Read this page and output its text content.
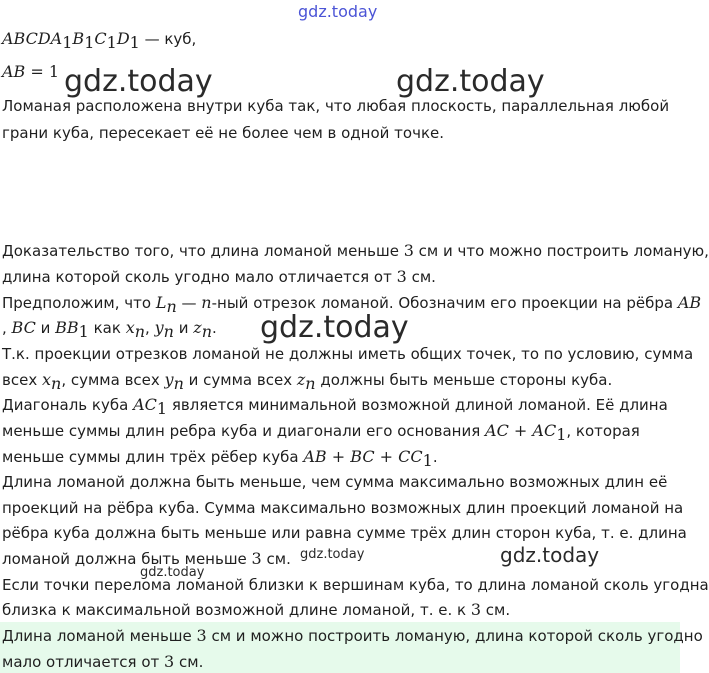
$ABCDA_1B_1C_1D_1$ — куб,
AB = 1
Ломаная расположена внутри куба так, что любая плоскость, параллельная любой
грани куба, пересекает её не более чем в одной точке.
Доказательство того, что длина ломаной меньше 3 см и что можно построить ломаную,
длина которой сколь угодно мало отличается от 3 см.
Предположим, что $L_n$ — n-ный отрезок ломаной. Обозначим его проекции на рёбра AB
, BC и $BB_1$ как $x_n$, $y_n$ и $z_n$.
Т.к. проекции отрезков ломаной не должны иметь общих точек, то по условию, сумма
всех $x_n$, сумма всех $y_n$ и сумма всех $z_n$ должны быть меньше стороны куба.
Диагональ куба $AC_1$ является минимальной возможной длиной ломаной. Её длина
меньше суммы длин ребра куба и диагонали его основания AC + $AC_1$, которая
меньше суммы длин трёх рёбер куба AB + BC + $CC_1$.
Длина ломаной должна быть меньше, чем сумма максимально возможных длин её
проекций на рёбра куба. Сумма максимально возможных длин проекций ломаной на
рёбра куба должна быть меньше или равна сумме трёх длин сторон куба, т. е. длина
ломаной должна быть меньше 3 см.
Если точки перелома ломаной близки к вершинам куба, то длина ломаной сколь угодна
близка к максимальной возможной длине ломаной, т. е. к 3 см.
Длина ломаной меньше 3 см и можно построить ломаную, длина которой сколь угодно
мало отличается от 3 см.
gdz.today
gdz.today	gdz.today
gdz.today
gdz.today
gdz.today	gdz.today
